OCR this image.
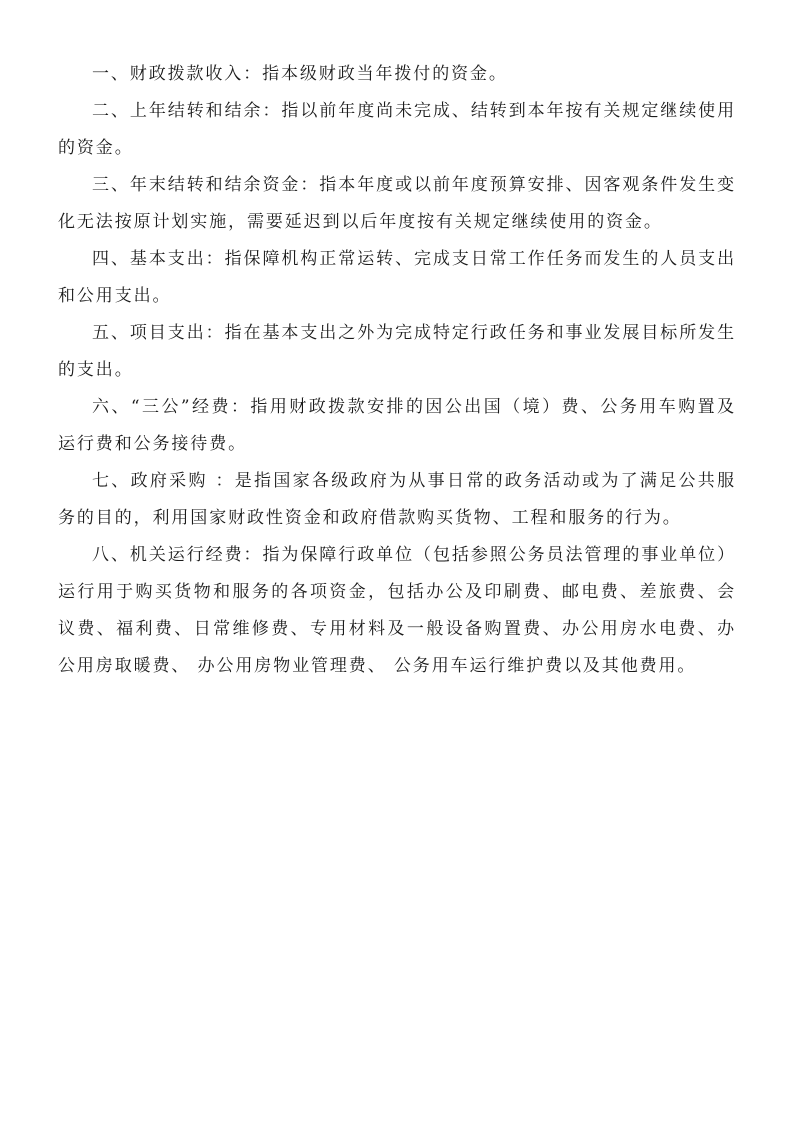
一、财政拨款收入：指本级财政当年拨付的资金。

二、上年结转和结余：指以前年度尚未完成、结转到本年按有关规定继续使用的资金。

三、年末结转和结余资金：指本年度或以前年度预算安排、因客观条件发生变化无法按原计划实施，需要延迟到以后年度按有关规定继续使用的资金。

四、基本支出：指保障机构正常运转、完成支日常工作任务而发生的人员支出和公用支出。

五、项目支出：指在基本支出之外为完成特定行政任务和事业发展目标所发生的支出。

六、“三公”经费：指用财政拨款安排的因公出国（境）费、公务用车购置及运行费和公务接待费。

七、政府采购 ：是指国家各级政府为从事日常的政务活动或为了满足公共服务的目的，利用国家财政性资金和政府借款购买货物、工程和服务的行为。

八、机关运行经费：指为保障行政单位（包括参照公务员法管理的事业单位）运行用于购买货物和服务的各项资金，包括办公及印刷费、邮电费、差旅费、会议费、福利费、日常维修费、专用材料及一般设备购置费、办公用房水电费、办公用房取暖费、 办公用房物业管理费、 公务用车运行维护费以及其他费用。
